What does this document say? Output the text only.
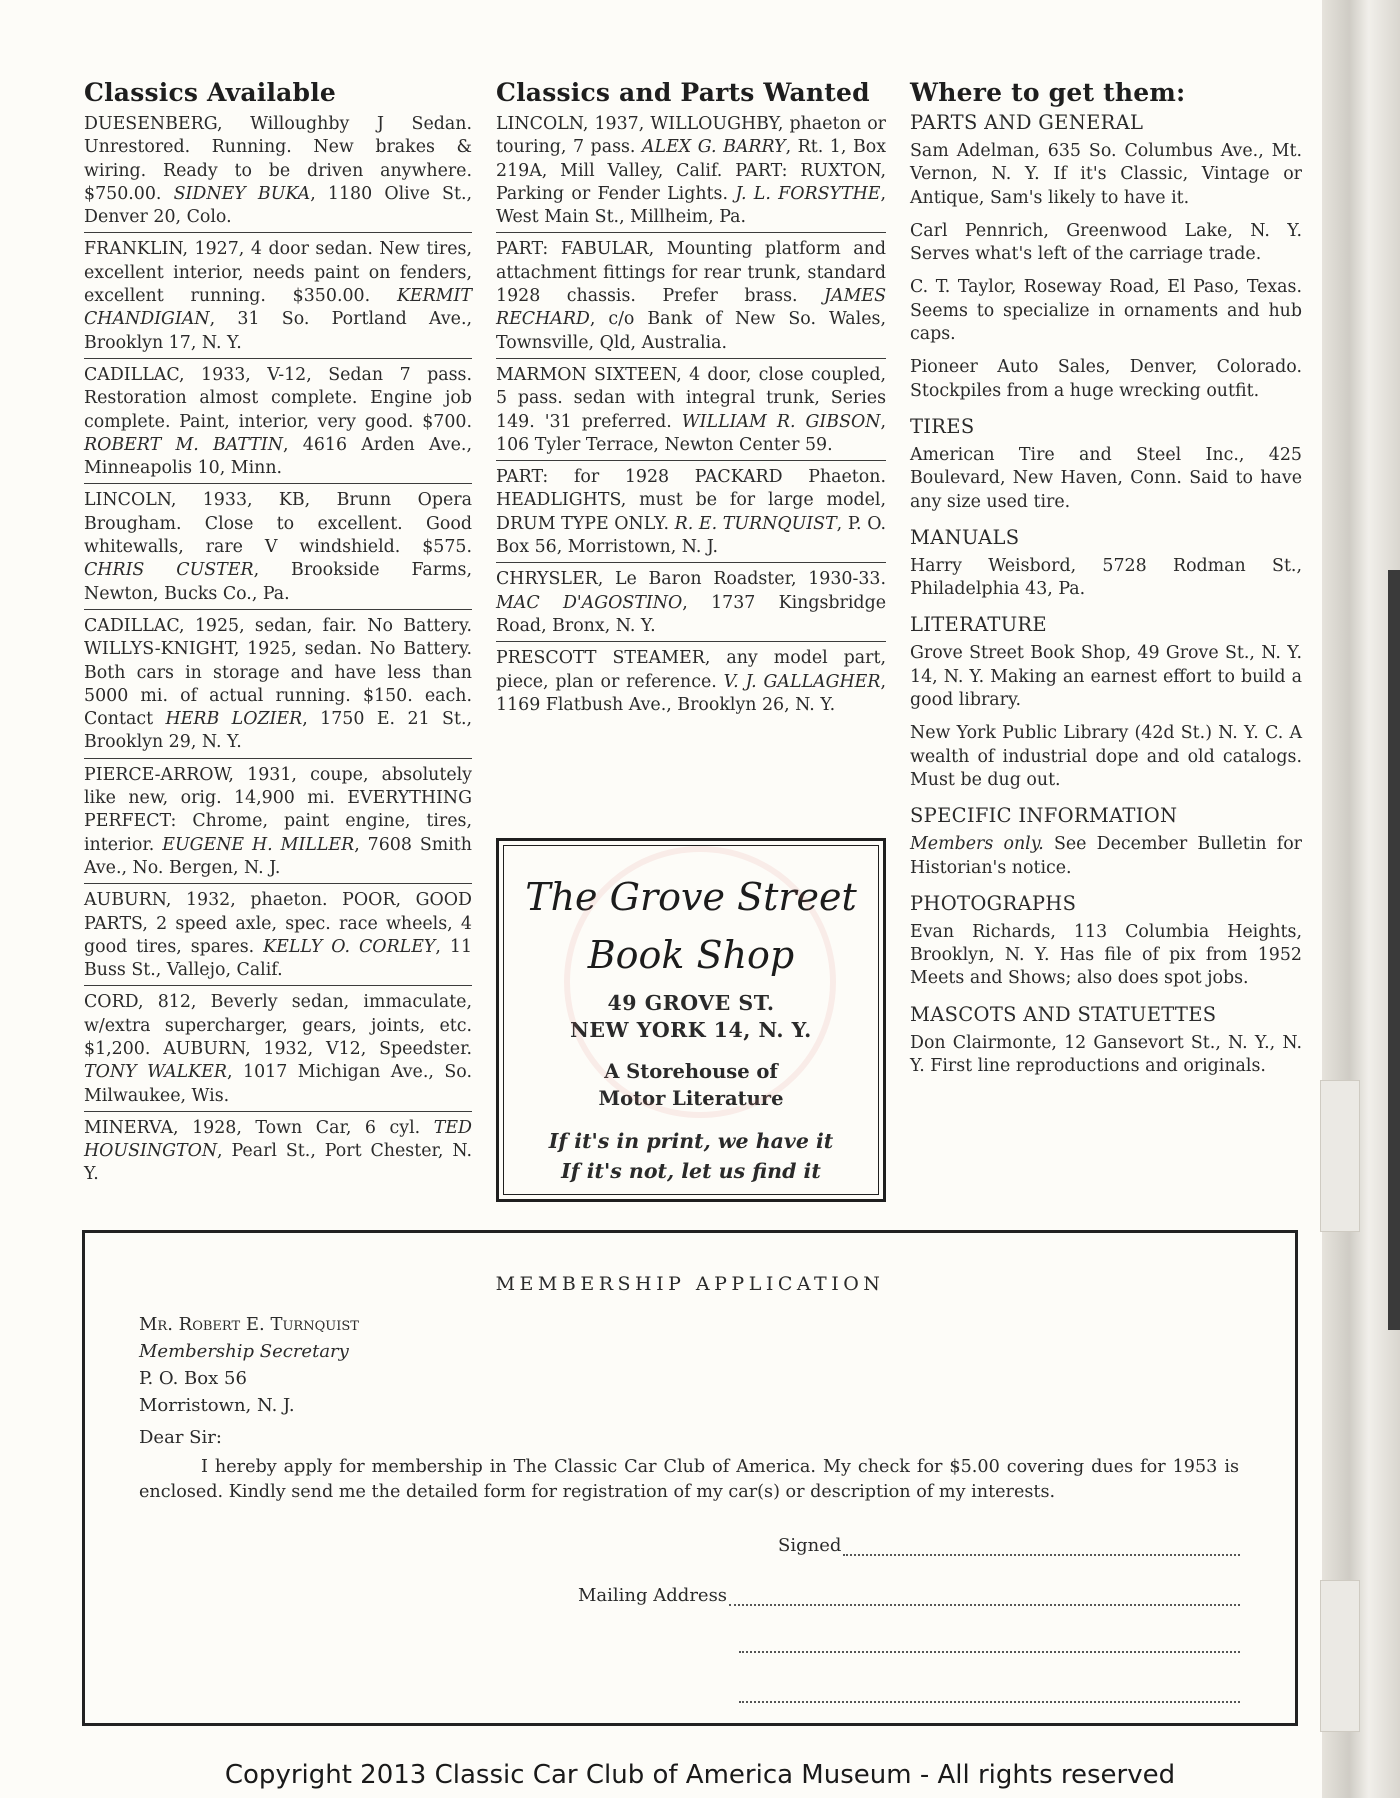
Classics Available
DUESENBERG, Willoughby J Sedan. Unrestored. Running. New brakes & wiring. Ready to be driven anywhere. $750.00. SIDNEY BUKA, 1180 Olive St., Denver 20, Colo.
FRANKLIN, 1927, 4 door sedan. New tires, excellent interior, needs paint on fenders, excellent running. $350.00. KERMIT CHANDIGIAN, 31 So. Portland Ave., Brooklyn 17, N. Y.
CADILLAC, 1933, V-12, Sedan 7 pass. Restoration almost complete. Engine job complete. Paint, interior, very good. $700. ROBERT M. BATTIN, 4616 Arden Ave., Minneapolis 10, Minn.
LINCOLN, 1933, KB, Brunn Opera Brougham. Close to excellent. Good whitewalls, rare V windshield. $575. CHRIS CUSTER, Brookside Farms, Newton, Bucks Co., Pa.
CADILLAC, 1925, sedan, fair. No Battery. WILLYS-KNIGHT, 1925, sedan. No Battery. Both cars in storage and have less than 5000 mi. of actual running. $150. each. Contact HERB LOZIER, 1750 E. 21 St., Brooklyn 29, N. Y.
PIERCE-ARROW, 1931, coupe, absolutely like new, orig. 14,900 mi. EVERYTHING PERFECT: Chrome, paint engine, tires, interior. EUGENE H. MILLER, 7608 Smith Ave., No. Bergen, N. J.
AUBURN, 1932, phaeton. POOR, GOOD PARTS, 2 speed axle, spec. race wheels, 4 good tires, spares. KELLY O. CORLEY, 11 Buss St., Vallejo, Calif.
CORD, 812, Beverly sedan, immaculate, w/extra supercharger, gears, joints, etc. $1,200. AUBURN, 1932, V12, Speedster. TONY WALKER, 1017 Michigan Ave., So. Milwaukee, Wis.
MINERVA, 1928, Town Car, 6 cyl. TED HOUSINGTON, Pearl St., Port Chester, N. Y.
Classics and Parts Wanted
LINCOLN, 1937, WILLOUGHBY, phaeton or touring, 7 pass. ALEX G. BARRY, Rt. 1, Box 219A, Mill Valley, Calif. PART: RUXTON, Parking or Fender Lights. J. L. FORSYTHE, West Main St., Millheim, Pa.
PART: FABULAR, Mounting platform and attachment fittings for rear trunk, standard 1928 chassis. Prefer brass. JAMES RECHARD, c/o Bank of New So. Wales, Townsville, Qld, Australia.
MARMON SIXTEEN, 4 door, close coupled, 5 pass. sedan with integral trunk, Series 149. '31 preferred. WILLIAM R. GIBSON, 106 Tyler Terrace, Newton Center 59.
PART: for 1928 PACKARD Phaeton. HEADLIGHTS, must be for large model, DRUM TYPE ONLY. R. E. TURNQUIST, P. O. Box 56, Morristown, N. J.
CHRYSLER, Le Baron Roadster, 1930-33. MAC D'AGOSTINO, 1737 Kingsbridge Road, Bronx, N. Y.
PRESCOTT STEAMER, any model part, piece, plan or reference. V. J. GALLAGHER, 1169 Flatbush Ave., Brooklyn 26, N. Y.
The Grove Street
Book Shop
49 GROVE ST.
NEW YORK 14, N. Y.
A Storehouse of
Motor Literature
If it's in print, we have it
If it's not, let us find it
Where to get them:
PARTS AND GENERAL
Sam Adelman, 635 So. Columbus Ave., Mt. Vernon, N. Y. If it's Classic, Vintage or Antique, Sam's likely to have it.
Carl Pennrich, Greenwood Lake, N. Y. Serves what's left of the carriage trade.
C. T. Taylor, Roseway Road, El Paso, Texas. Seems to specialize in ornaments and hub caps.
Pioneer Auto Sales, Denver, Colorado. Stockpiles from a huge wrecking outfit.
TIRES
American Tire and Steel Inc., 425 Boulevard, New Haven, Conn. Said to have any size used tire.
MANUALS
Harry Weisbord, 5728 Rodman St., Philadelphia 43, Pa.
LITERATURE
Grove Street Book Shop, 49 Grove St., N. Y. 14, N. Y. Making an earnest effort to build a good library.
New York Public Library (42d St.) N. Y. C. A wealth of industrial dope and old catalogs. Must be dug out.
SPECIFIC INFORMATION
Members only. See December Bulletin for Historian's notice.
PHOTOGRAPHS
Evan Richards, 113 Columbia Heights, Brooklyn, N. Y. Has file of pix from 1952 Meets and Shows; also does spot jobs.
MASCOTS AND STATUETTES
Don Clairmonte, 12 Gansevort St., N. Y., N. Y. First line reproductions and originals.
MEMBERSHIP APPLICATION
Mr. Robert E. Turnquist
Membership Secretary
P. O. Box 56
Morristown, N. J.
Dear Sir:
I hereby apply for membership in The Classic Car Club of America. My check for $5.00 covering dues for 1953 is enclosed. Kindly send me the detailed form for registration of my car(s) or description of my interests.
Signed
Mailing Address
Copyright 2013 Classic Car Club of America Museum - All rights reserved
